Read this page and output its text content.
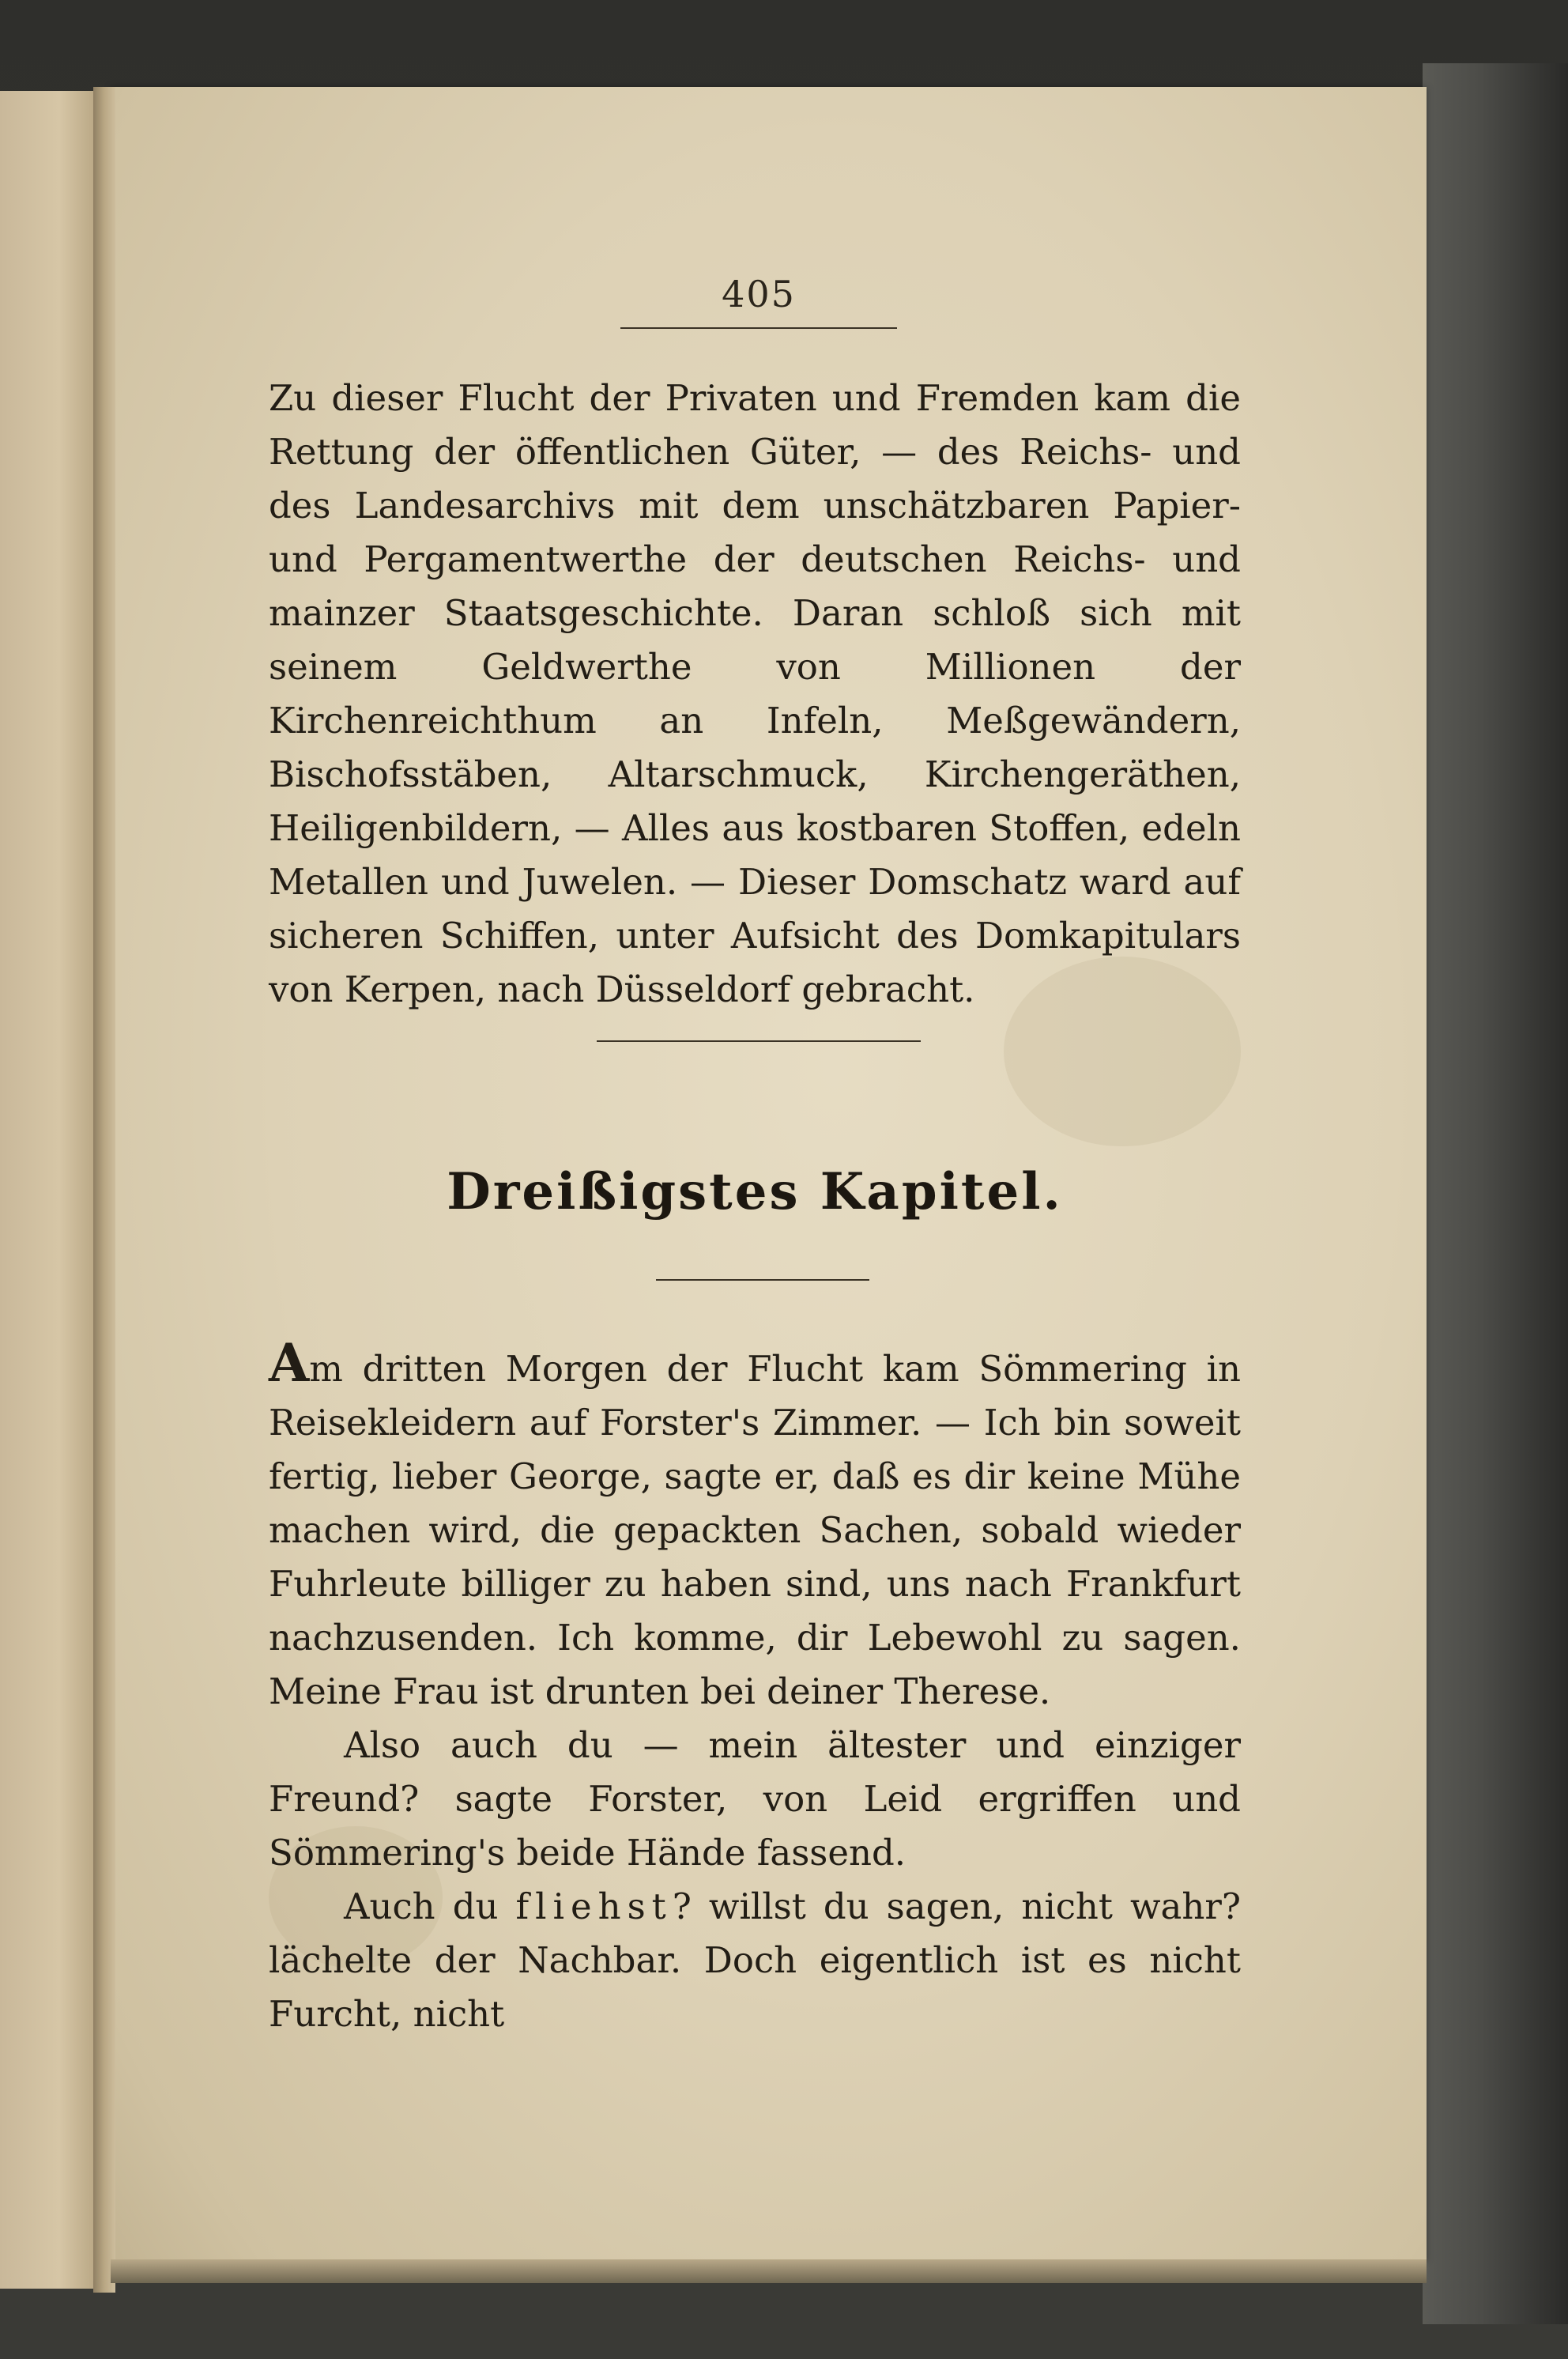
405

Zu dieser Flucht der Privaten und Fremden kam die Rettung der öffentlichen Güter, — des Reichs- und des Landesarchivs mit dem unschätzbaren Papier- und Pergamentwerthe der deutschen Reichs- und mainzer Staatsgeschichte. Daran schloß sich mit seinem Geldwerthe von Millionen der Kirchenreichthum an Infeln, Meßgewändern, Bischofsstäben, Altarschmuck, Kirchengeräthen, Heiligenbildern, — Alles aus kostbaren Stoffen, edeln Metallen und Juwelen. — Dieser Domschatz ward auf sicheren Schiffen, unter Aufsicht des Domkapitulars von Kerpen, nach Düsseldorf gebracht.

Dreißigstes Kapitel.

Am dritten Morgen der Flucht kam Sömmering in Reisekleidern auf Forster's Zimmer. — Ich bin soweit fertig, lieber George, sagte er, daß es dir keine Mühe machen wird, die gepackten Sachen, sobald wieder Fuhrleute billiger zu haben sind, uns nach Frankfurt nachzusenden. Ich komme, dir Lebewohl zu sagen. Meine Frau ist drunten bei deiner Therese.

Also auch du — mein ältester und einziger Freund? sagte Forster, von Leid ergriffen und Sömmering's beide Hände fassend.

Auch du fliehst? willst du sagen, nicht wahr? lächelte der Nachbar. Doch eigentlich ist es nicht Furcht, nicht
